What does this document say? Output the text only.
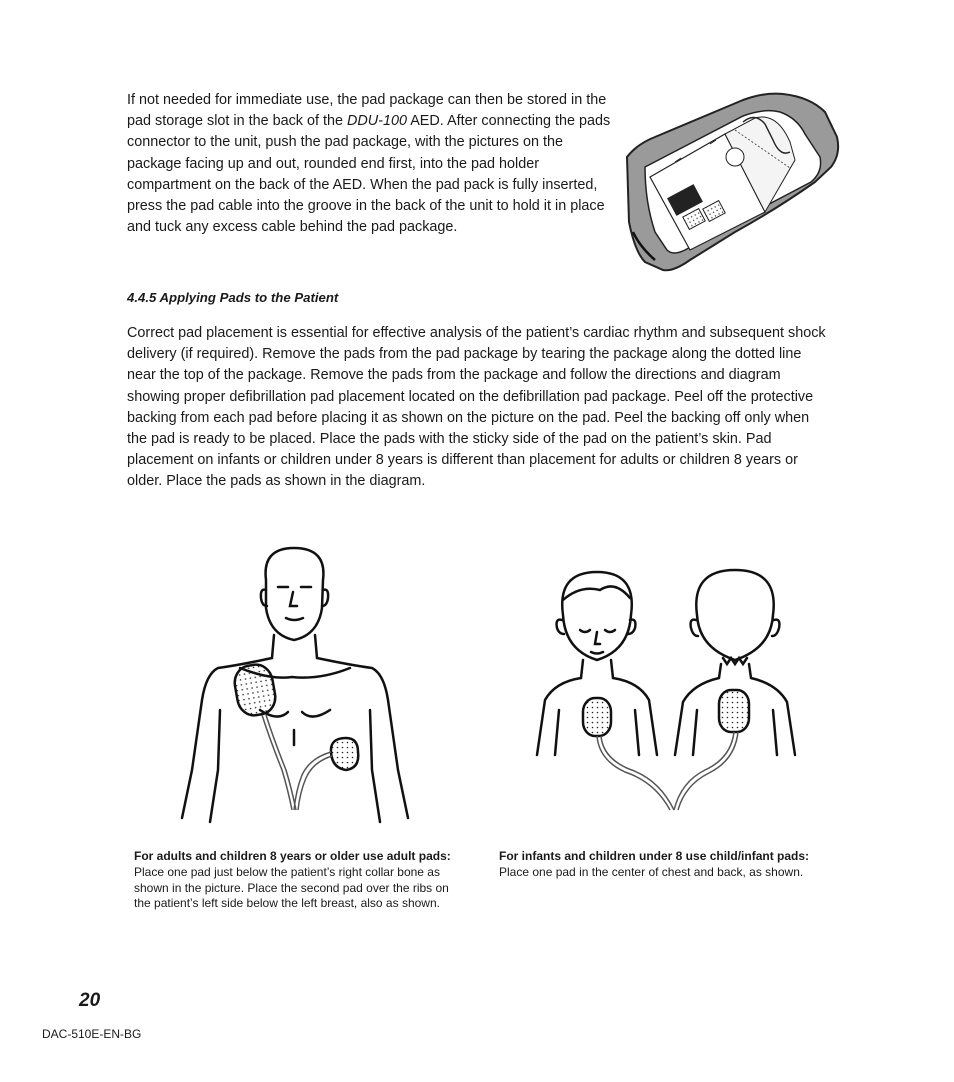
If not needed for immediate use, the pad package can then be stored in the pad storage slot in the back of the DDU-100 AED. After connecting the pads connector to the unit, push the pad package, with the pictures on the package facing up and out, rounded end first, into the pad holder compartment on the back of the AED. When the pad pack is fully inserted, press the pad cable into the groove in the back of the unit to hold it in place and tuck any excess cable behind the pad package.

4.4.5 Applying Pads to the Patient

Correct pad placement is essential for effective analysis of the patient’s cardiac rhythm and subsequent shock delivery (if required). Remove the pads from the pad package by tearing the package along the dotted line near the top of the package. Remove the pads from the package and follow the directions and diagram showing proper defibrillation pad placement located on the defibrillation pad package. Peel off the protective backing from each pad before placing it as shown on the picture on the pad. Peel the backing off only when the pad is ready to be placed. Place the pads with the sticky side of the pad on the patient’s skin. Pad placement on infants or children under 8 years is different than placement for adults or children 8 years or older. Place the pads as shown in the diagram.

For adults and children 8 years or older use adult pads: Place one pad just below the patient’s right collar bone as shown in the picture. Place the second pad over the ribs on the patient’s left side below the left breast, also as shown.

For infants and children under 8 use child/infant pads: Place one pad in the center of chest and back, as shown.

20

DAC-510E-EN-BG
